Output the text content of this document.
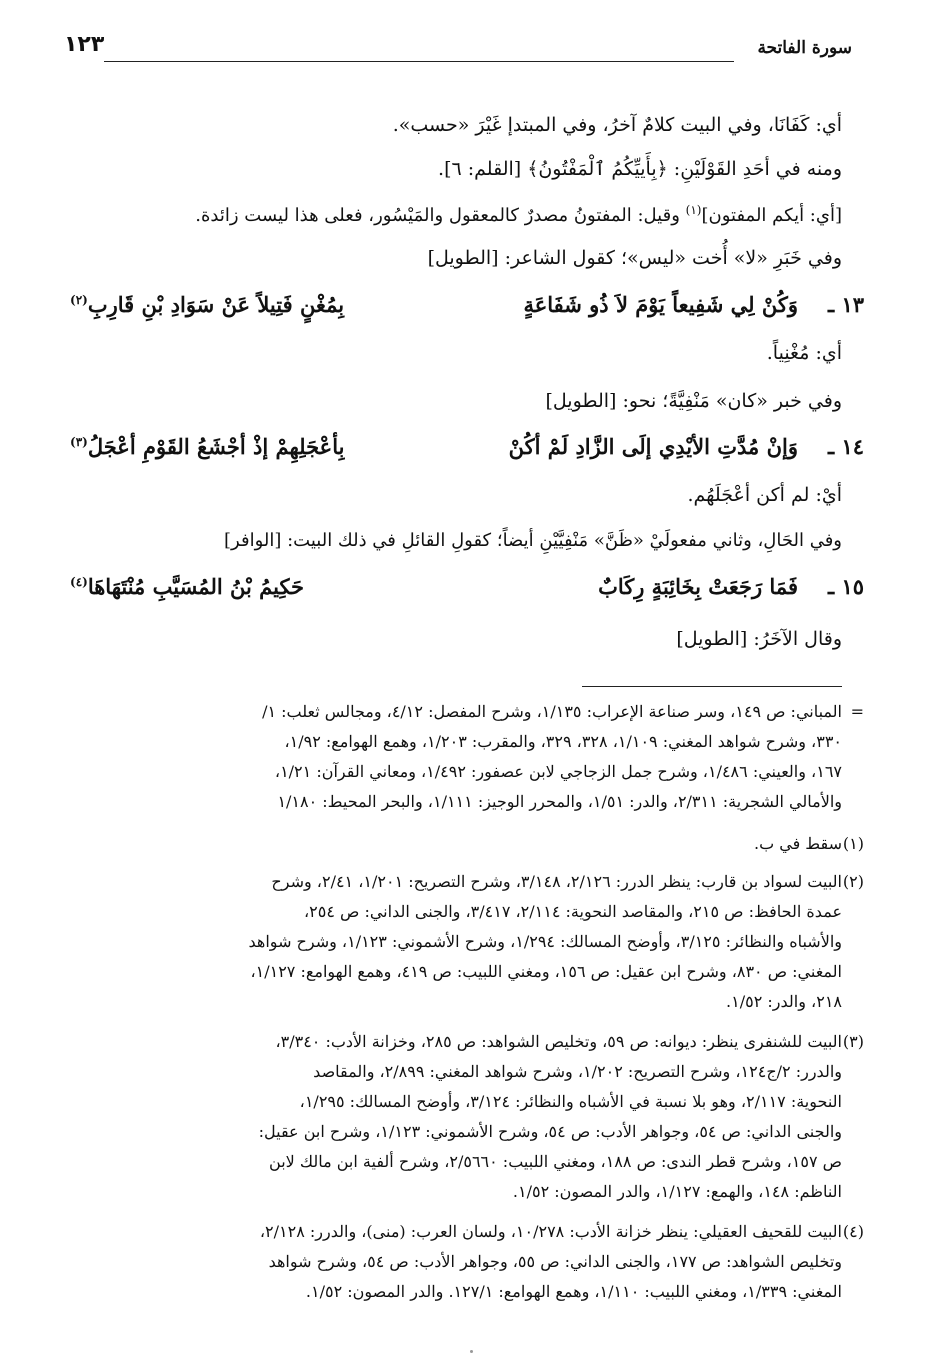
سورة الفاتحة
١٢٣
أي: كَفَانَا، وفي البيت كلامٌ آخرُ، وفي المبتدإ غَيْرَ «حسب».
ومنه في أحَدِ القَوْلَيْنِ: ﴿بِأَييِّكُمُ ٱلْمَفْتُونُ﴾ [القلم: ٦].
[أي: أيكم المفتون]$^{(١)}$ وقيل: المفتونُ مصدرٌ كالمعقول والمَيْسُور، فعلى هذا ليست زائدة.
وفي خَبَرِ «لا» أُخت «ليس»؛ كقول الشاعر: [الطويل]
١٣ ـ
وَكُنْ لِي شَفِيعاً يَوْمَ لاَ ذُو شَفَاعَةٍ
بِمُغْنٍ فَتِيلاً عَنْ سَوَادِ بْنِ قَارِبِ$^{(٢)}$
أي: مُغْنِياً.
وفي خبر «كان» مَنْفِيَّةً؛ نحو: [الطويل]
١٤ ـ
وَإنْ مُدَّتِ الأيْدِي إلَى الزَّادِ لَمْ أكُنْ
بِأعْجَلِهِمْ إذْ أجْشَعُ القَوْمِ أعْجَلُ$^{(٣)}$
أيْ: لم أكن أعْجَلَهُم.
وفي الحَالِ، وثاني مفعولَيْ «ظَنَّ» مَنْفِيَّيْنِ أيضاً؛ كقولِ القائلِ في ذلك البيت: [الوافر]
١٥ ـ
فَمَا رَجَعَتْ بِخَائِبَةٍ رِكَابٌ
حَكِيمُ بْنُ المُسَيَّبِ مُنْتَهَاهَا$^{(٤)}$
وقال الآخَرُ: [الطويل]
=
المباني: ص ١٤٩، وسر صناعة الإعراب: ١/١٣٥، وشرح المفصل: ٤/١٢، ومجالس ثعلب: ١/
٣٣٠، وشرح شواهد المغني: ١/١٠٩، ٣٢٨، ٣٢٩، والمقرب: ١/٢٠٣، وهمع الهوامع: ١/٩٢،
١٦٧، والعيني: ١/٤٨٦، وشرح جمل الزجاجي لابن عصفور: ١/٤٩٢، ومعاني القرآن: ١/٢١،
والأمالي الشجرية: ٢/٣١١، والدر: ١/٥١، والمحرر الوجيز: ١/١١١، والبحر المحيط: ١/١٨٠
(١)
سقط في ب.
(٢)
البيت لسواد بن قارب: ينظر الدرر: ٢/١٢٦، ٣/١٤٨، وشرح التصريح: ١/٢٠١، ٢/٤١، وشرح
عمدة الحافظ: ص ٢١٥، والمقاصد النحوية: ٢/١١٤، ٣/٤١٧، والجنى الداني: ص ٢٥٤،
والأشباه والنظائر: ٣/١٢٥، وأوضح المسالك: ١/٢٩٤، وشرح الأشموني: ١/١٢٣، وشرح شواهد
المغني: ص ٨٣٠، وشرح ابن عقيل: ص ١٥٦، ومغني اللبيب: ص ٤١٩، وهمع الهوامع: ١/١٢٧،
٢١٨، والدر: ١/٥٢.
(٣)
البيت للشنفرى ينظر: ديوانه: ص ٥٩، وتخليص الشواهد: ص ٢٨٥، وخزانة الأدب: ٣/٣٤٠،
والدرر: ٢/ج١٢٤، وشرح التصريح: ١/٢٠٢، وشرح شواهد المغني: ٢/٨٩٩، والمقاصد
النحوية: ٢/١١٧، وهو بلا نسبة في الأشباه والنظائر: ٣/١٢٤، وأوضح المسالك: ١/٢٩٥،
والجنى الداني: ص ٥٤، وجواهر الأدب: ص ٥٤، وشرح الأشموني: ١/١٢٣، وشرح ابن عقيل:
ص ١٥٧، وشرح قطر الندى: ص ١٨٨، ومغني اللبيب: ٢/٥٦٦٠، وشرح ألفية ابن مالك لابن
الناظم: ١٤٨، والهمع: ١/١٢٧، والدر المصون: ١/٥٢.
(٤)
البيت للقحيف العقيلي: ينظر خزانة الأدب: ١٠/٢٧٨، ولسان العرب: (منى)، والدرر: ٢/١٢٨،
وتخليص الشواهد: ص ١٧٧، والجنى الداني: ص ٥٥، وجواهر الأدب: ص ٥٤، وشرح شواهد
المغني: ١/٣٣٩، ومغني اللبيب: ١/١١٠، وهمع الهوامع: ١٢٧/١. والدر المصون: ١/٥٢.
